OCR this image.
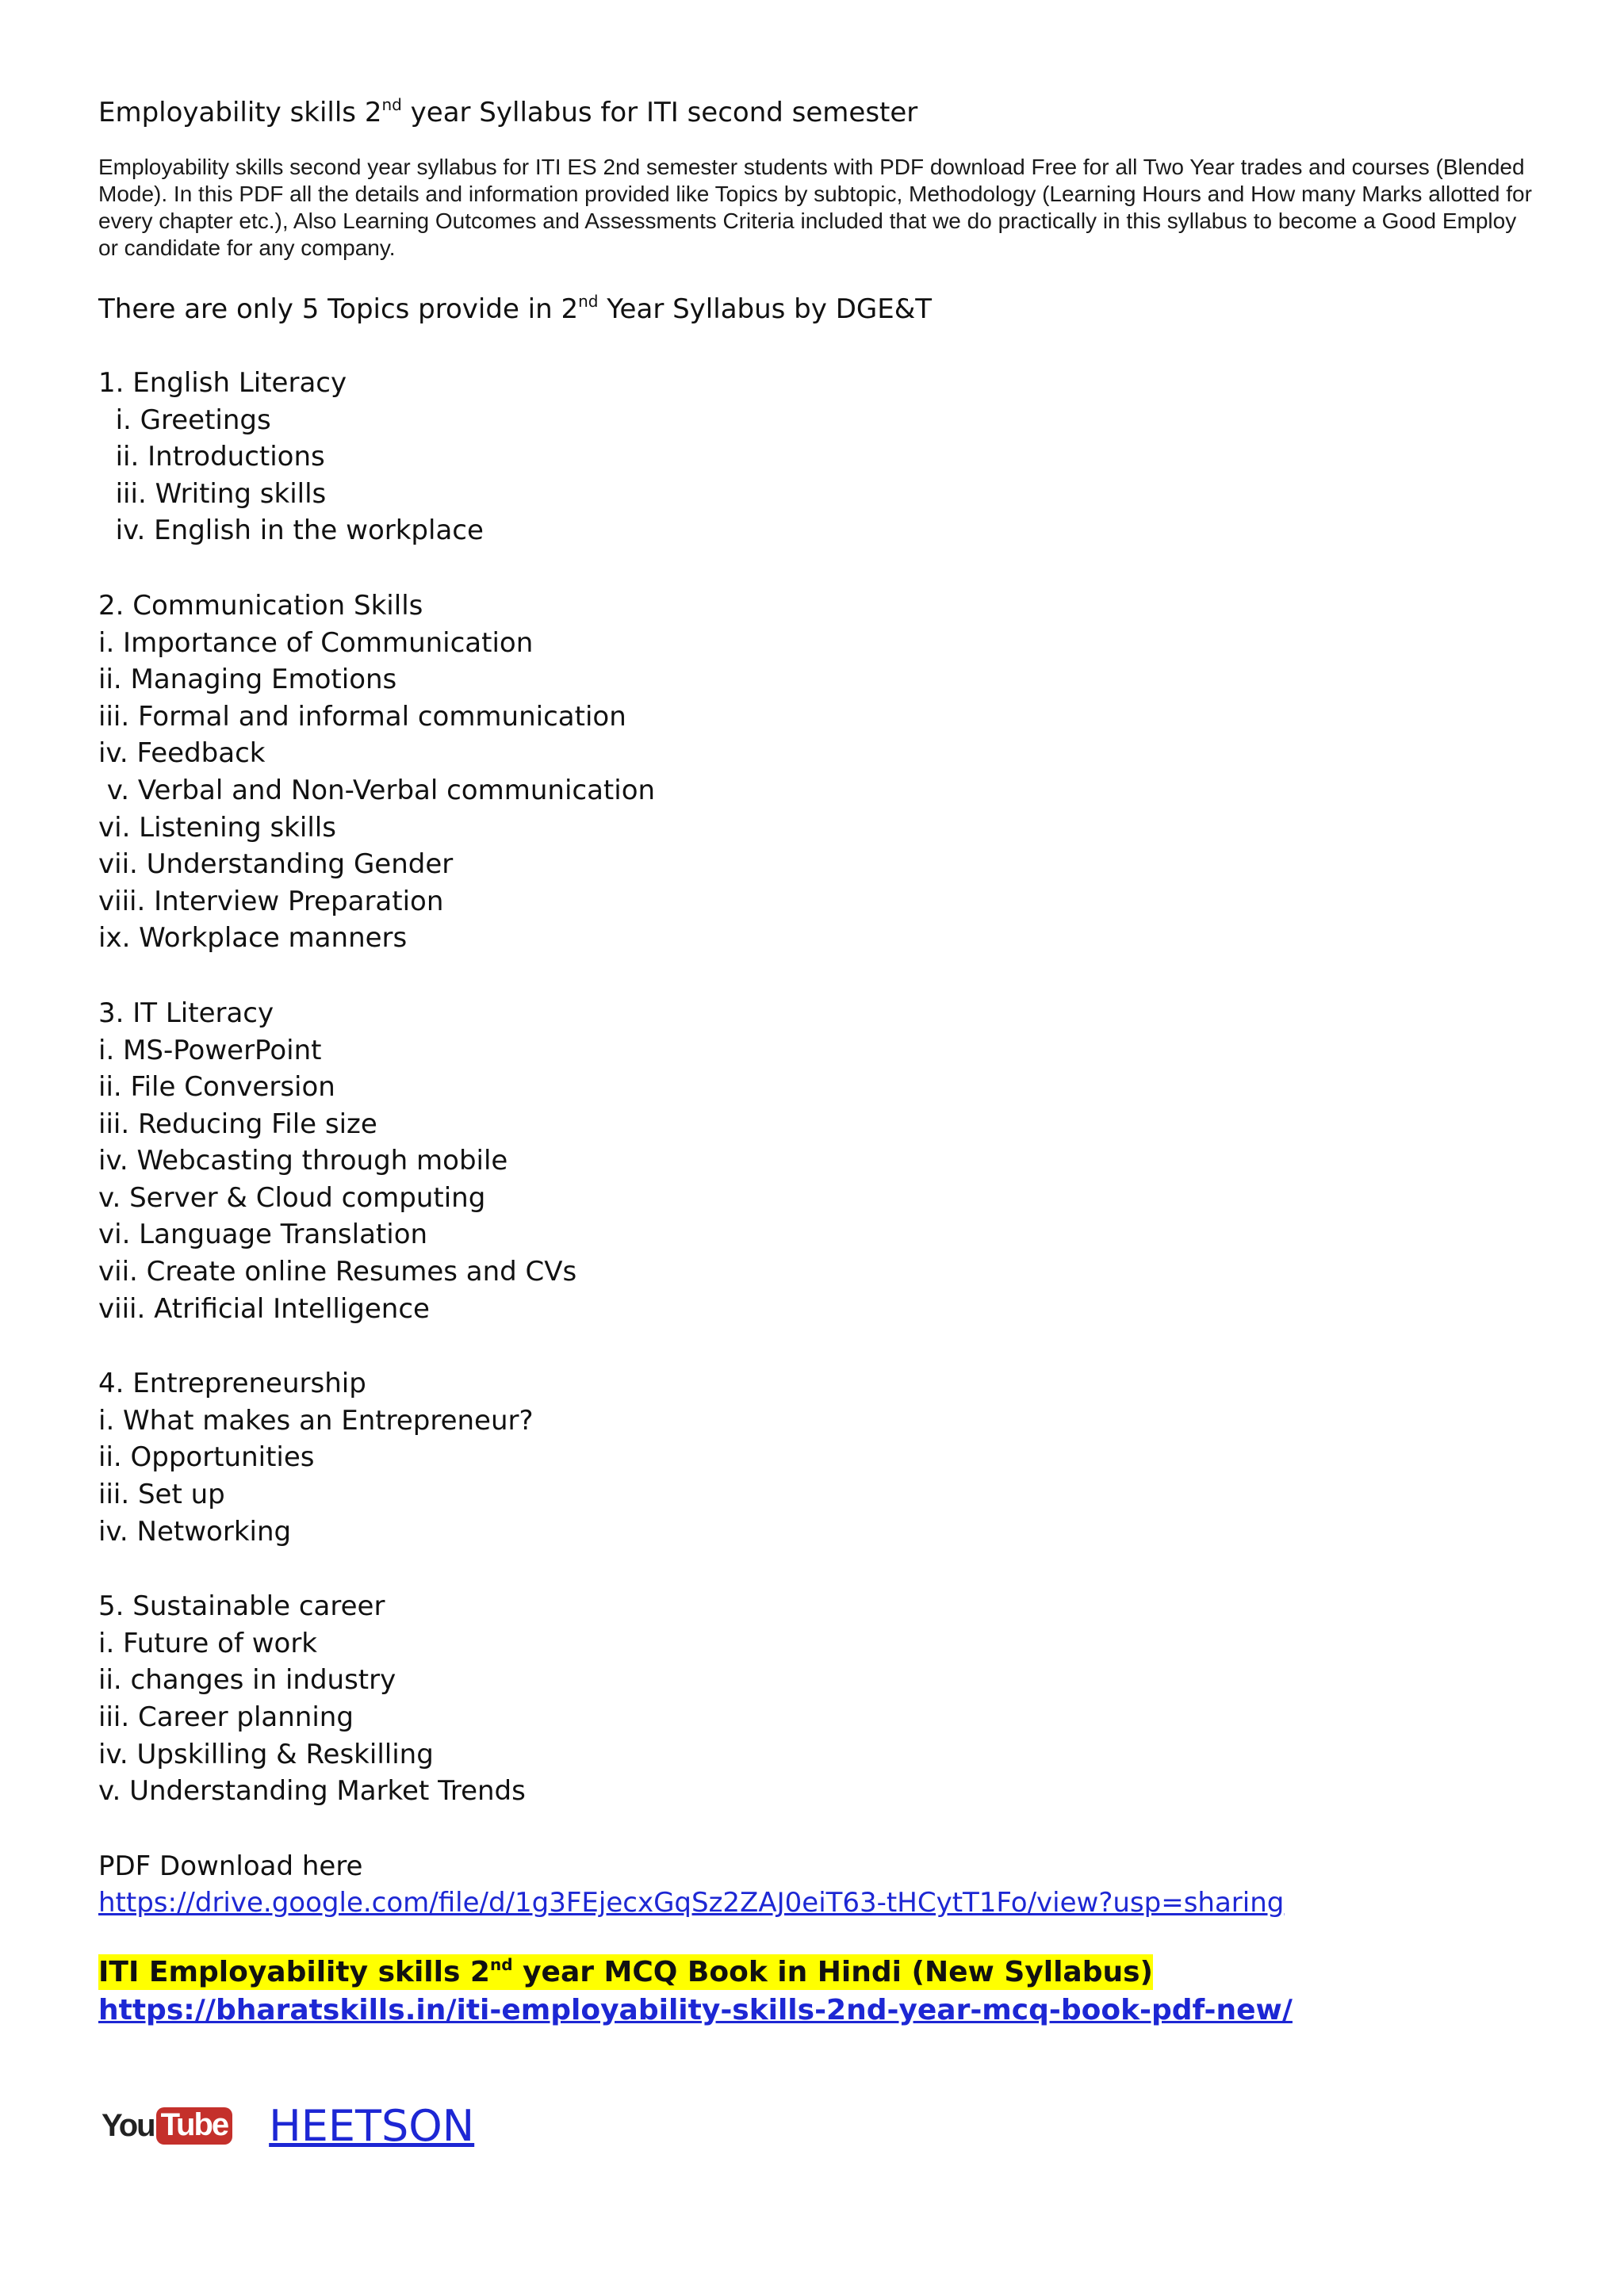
Employability skills 2nd year Syllabus for ITI second semester

Employability skills second year syllabus for ITI ES 2nd semester students with PDF download Free for all Two Year trades and courses (Blended Mode). In this PDF all the details and information provided like Topics by subtopic, Methodology (Learning Hours and How many Marks allotted for every chapter etc.), Also Learning Outcomes and Assessments Criteria included that we do practically in this syllabus to become a Good Employ or candidate for any company.

There are only 5 Topics provide in 2nd Year Syllabus by DGE&T
1. English Literacy
i. Greetings
ii. Introductions
iii. Writing skills
iv. English in the workplace
2. Communication Skills
i. Importance of Communication
ii. Managing Emotions
iii. Formal and informal communication
iv. Feedback
v. Verbal and Non-Verbal communication
vi. Listening skills
vii. Understanding Gender
viii. Interview Preparation
ix. Workplace manners
3. IT Literacy
i. MS-PowerPoint
ii. File Conversion
iii. Reducing File size
iv. Webcasting through mobile
v. Server & Cloud computing
vi. Language Translation
vii. Create online Resumes and CVs
viii. Atrificial Intelligence
4. Entrepreneurship
i. What makes an Entrepreneur?
ii. Opportunities
iii. Set up
iv. Networking
5. Sustainable career
i. Future of work
ii. changes in industry
iii. Career planning
iv. Upskilling & Reskilling
v. Understanding Market Trends
PDF Download here
https://drive.google.com/file/d/1g3FEjecxGqSz2ZAJ0eiT63-tHCytT1Fo/view?usp=sharing
ITI Employability skills 2nd year MCQ Book in Hindi (New Syllabus)
https://bharatskills.in/iti-employability-skills-2nd-year-mcq-book-pdf-new/
You Tube HEETSON
